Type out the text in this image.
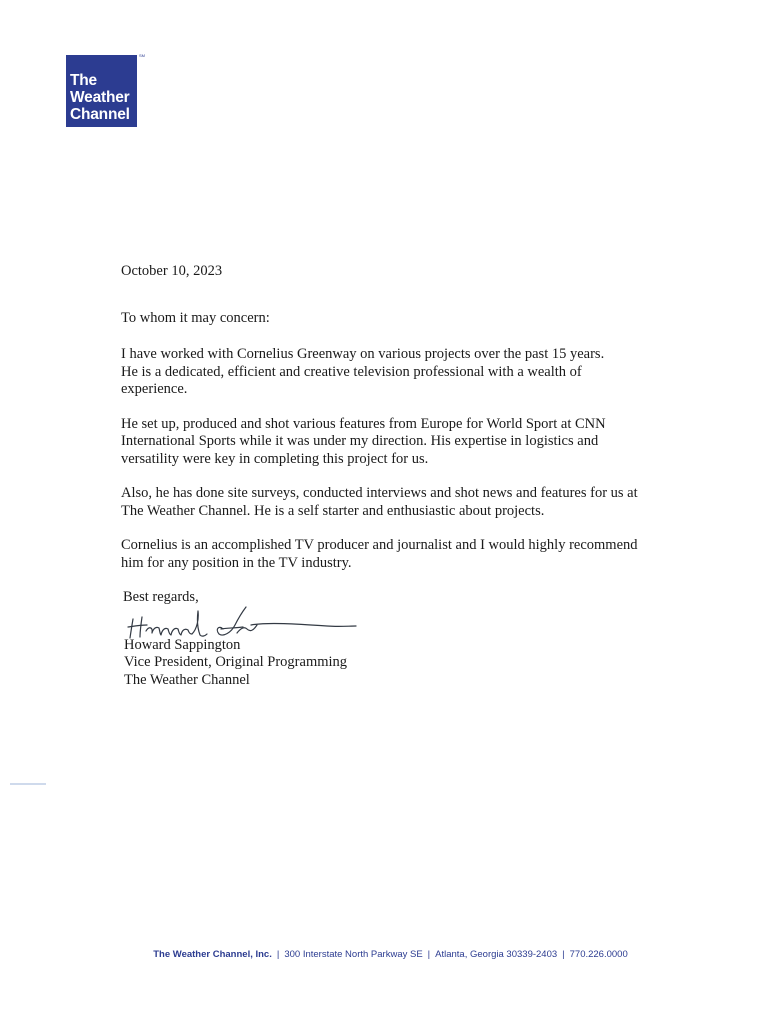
The
Weather
Channel
SM

October 10, 2023

To whom it may concern:

I have worked with Cornelius Greenway on various projects over the past 15 years.
He is a dedicated, efficient and creative television professional with a wealth of
experience.

He set up, produced and shot various features from Europe for World Sport at CNN
International Sports while it was under my direction. His expertise in logistics and
versatility were key in completing this project for us.

Also, he has done site surveys, conducted interviews and shot news and features for us at
The Weather Channel. He is a self starter and enthusiastic about projects.

Cornelius is an accomplished TV producer and journalist and I would highly recommend
him for any position in the TV industry.

Best regards,

Howard Sappington
Vice President, Original Programming
The Weather Channel
The Weather Channel, Inc. | 300 Interstate North Parkway SE | Atlanta, Georgia 30339-2403 | 770.226.0000
